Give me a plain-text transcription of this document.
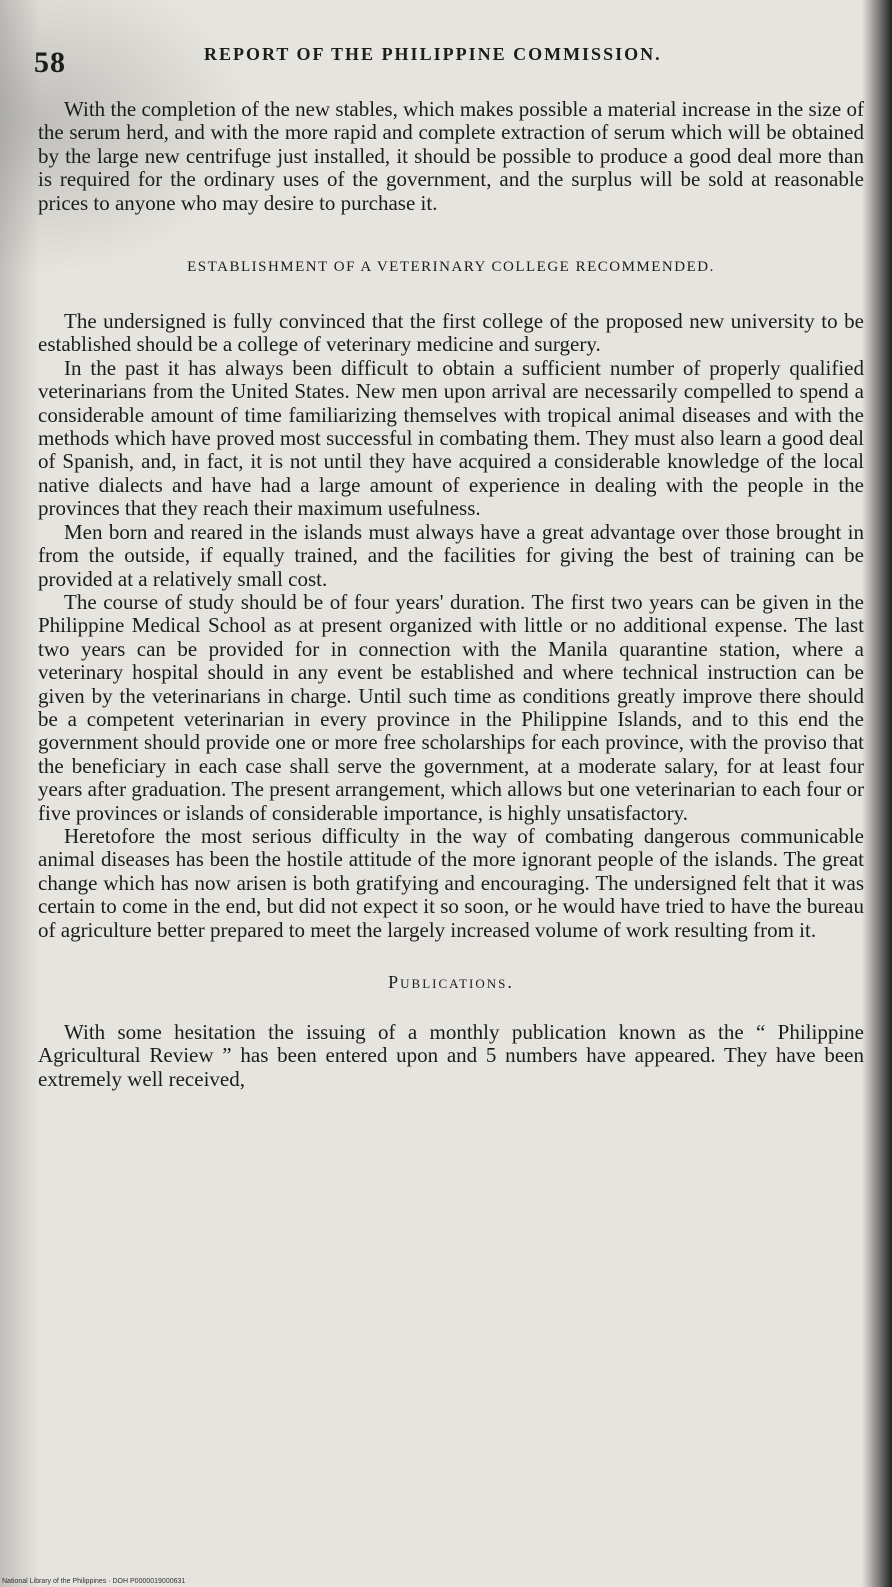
58	REPORT OF THE PHILIPPINE COMMISSION.

With the completion of the new stables, which makes possible a material increase in the size of the serum herd, and with the more rapid and complete extraction of serum which will be obtained by the large new centrifuge just installed, it should be possible to produce a good deal more than is required for the ordinary uses of the government, and the surplus will be sold at reasonable prices to anyone who may desire to purchase it.

ESTABLISHMENT OF A VETERINARY COLLEGE RECOMMENDED.

The undersigned is fully convinced that the first college of the proposed new university to be established should be a college of veterinary medicine and surgery.

In the past it has always been difficult to obtain a sufficient number of properly qualified veterinarians from the United States. New men upon arrival are necessarily compelled to spend a considerable amount of time familiarizing themselves with tropical animal diseases and with the methods which have proved most successful in combating them. They must also learn a good deal of Spanish, and, in fact, it is not until they have acquired a considerable knowledge of the local native dialects and have had a large amount of experience in dealing with the people in the provinces that they reach their maximum usefulness.

Men born and reared in the islands must always have a great advantage over those brought in from the outside, if equally trained, and the facilities for giving the best of training can be provided at a relatively small cost.

The course of study should be of four years' duration. The first two years can be given in the Philippine Medical School as at present organized with little or no additional expense. The last two years can be provided for in connection with the Manila quarantine station, where a veterinary hospital should in any event be established and where technical instruction can be given by the veterinarians in charge. Until such time as conditions greatly improve there should be a competent veterinarian in every province in the Philippine Islands, and to this end the government should provide one or more free scholarships for each province, with the proviso that the beneficiary in each case shall serve the government, at a moderate salary, for at least four years after graduation. The present arrangement, which allows but one veterinarian to each four or five provinces or islands of considerable importance, is highly unsatisfactory.

Heretofore the most serious difficulty in the way of combating dangerous communicable animal diseases has been the hostile attitude of the more ignorant people of the islands. The great change which has now arisen is both gratifying and encouraging. The undersigned felt that it was certain to come in the end, but did not expect it so soon, or he would have tried to have the bureau of agriculture better prepared to meet the largely increased volume of work resulting from it.

Publications.

With some hesitation the issuing of a monthly publication known as the “ Philippine Agricultural Review ” has been entered upon and 5 numbers have appeared. They have been extremely well received,

National Library of the Philippines · DOH P0000019000631
